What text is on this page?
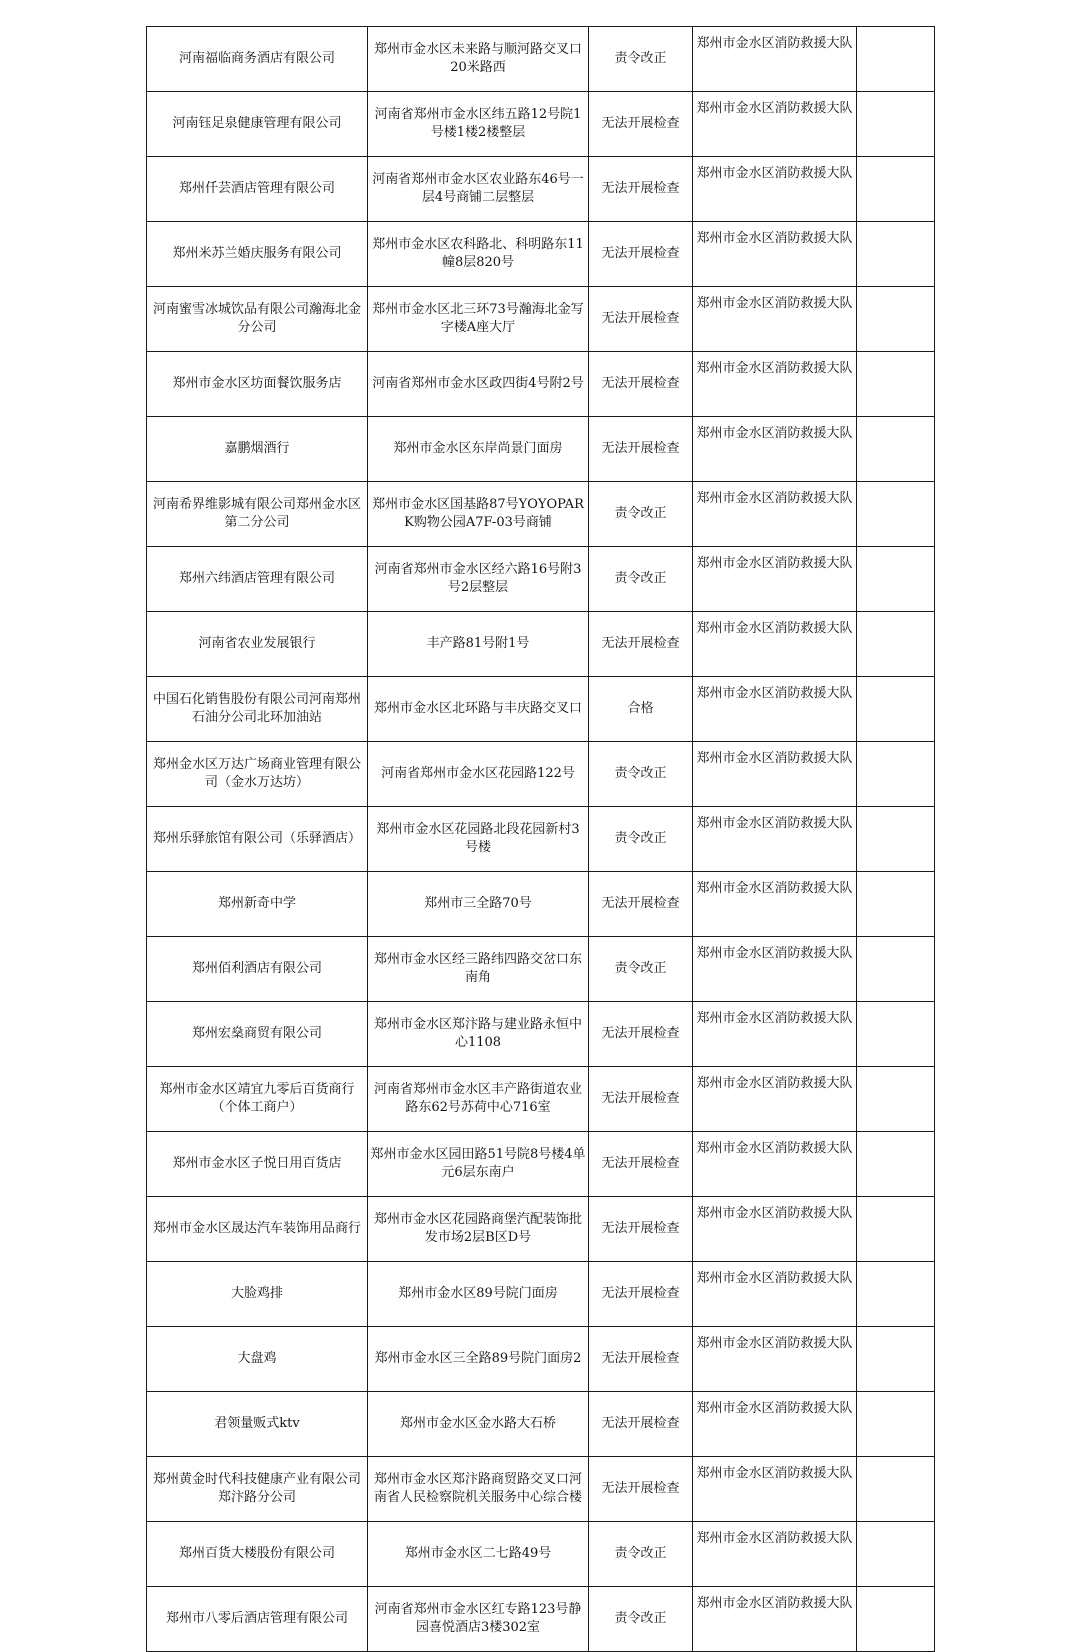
河南福临商务酒店有限公司	郑州市金水区未来路与顺河路交叉口20米路西	责令改正	郑州市金水区消防救援大队	
河南钰足泉健康管理有限公司	河南省郑州市金水区纬五路12号院1号楼1楼2楼整层	无法开展检查	郑州市金水区消防救援大队	
郑州仟芸酒店管理有限公司	河南省郑州市金水区农业路东46号一层4号商铺二层整层	无法开展检查	郑州市金水区消防救援大队	
郑州米苏兰婚庆服务有限公司	郑州市金水区农科路北、科明路东11幢8层820号	无法开展检查	郑州市金水区消防救援大队	
河南蜜雪冰城饮品有限公司瀚海北金分公司	郑州市金水区北三环73号瀚海北金写字楼A座大厅	无法开展检查	郑州市金水区消防救援大队	
郑州市金水区坊面餐饮服务店	河南省郑州市金水区政四街4号附2号	无法开展检查	郑州市金水区消防救援大队	
嘉鹏烟酒行	郑州市金水区东岸尚景门面房	无法开展检查	郑州市金水区消防救援大队	
河南希界维影城有限公司郑州金水区第二分公司	郑州市金水区国基路87号YOYOPARK购物公园A7F-03号商铺	责令改正	郑州市金水区消防救援大队	
郑州六纬酒店管理有限公司	河南省郑州市金水区经六路16号附3号2层整层	责令改正	郑州市金水区消防救援大队	
河南省农业发展银行	丰产路81号附1号	无法开展检查	郑州市金水区消防救援大队	
中国石化销售股份有限公司河南郑州石油分公司北环加油站	郑州市金水区北环路与丰庆路交叉口	合格	郑州市金水区消防救援大队	
郑州金水区万达广场商业管理有限公司（金水万达坊）	河南省郑州市金水区花园路122号	责令改正	郑州市金水区消防救援大队	
郑州乐驿旅馆有限公司（乐驿酒店）	郑州市金水区花园路北段花园新村3号楼	责令改正	郑州市金水区消防救援大队	
郑州新奇中学	郑州市三全路70号	无法开展检查	郑州市金水区消防救援大队	
郑州佰利酒店有限公司	郑州市金水区经三路纬四路交岔口东南角	责令改正	郑州市金水区消防救援大队	
郑州宏燊商贸有限公司	郑州市金水区郑汴路与建业路永恒中心1108	无法开展检查	郑州市金水区消防救援大队	
郑州市金水区靖宜九零后百货商行（个体工商户）	河南省郑州市金水区丰产路街道农业路东62号苏荷中心716室	无法开展检查	郑州市金水区消防救援大队	
郑州市金水区子悦日用百货店	郑州市金水区园田路51号院8号楼4单元6层东南户	无法开展检查	郑州市金水区消防救援大队	
郑州市金水区晟达汽车装饰用品商行	郑州市金水区花园路商堡汽配装饰批发市场2层B区D号	无法开展检查	郑州市金水区消防救援大队	
大脸鸡排	郑州市金水区89号院门面房	无法开展检查	郑州市金水区消防救援大队	
大盘鸡	郑州市金水区三全路89号院门面房2	无法开展检查	郑州市金水区消防救援大队	
君领量贩式ktv	郑州市金水区金水路大石桥	无法开展检查	郑州市金水区消防救援大队	
郑州黄金时代科技健康产业有限公司郑汴路分公司	郑州市金水区郑汴路商贸路交叉口河南省人民检察院机关服务中心综合楼	无法开展检查	郑州市金水区消防救援大队	
郑州百货大楼股份有限公司	郑州市金水区二七路49号	责令改正	郑州市金水区消防救援大队	
郑州市八零后酒店管理有限公司	河南省郑州市金水区红专路123号静园喜悦酒店3楼302室	责令改正	郑州市金水区消防救援大队	
